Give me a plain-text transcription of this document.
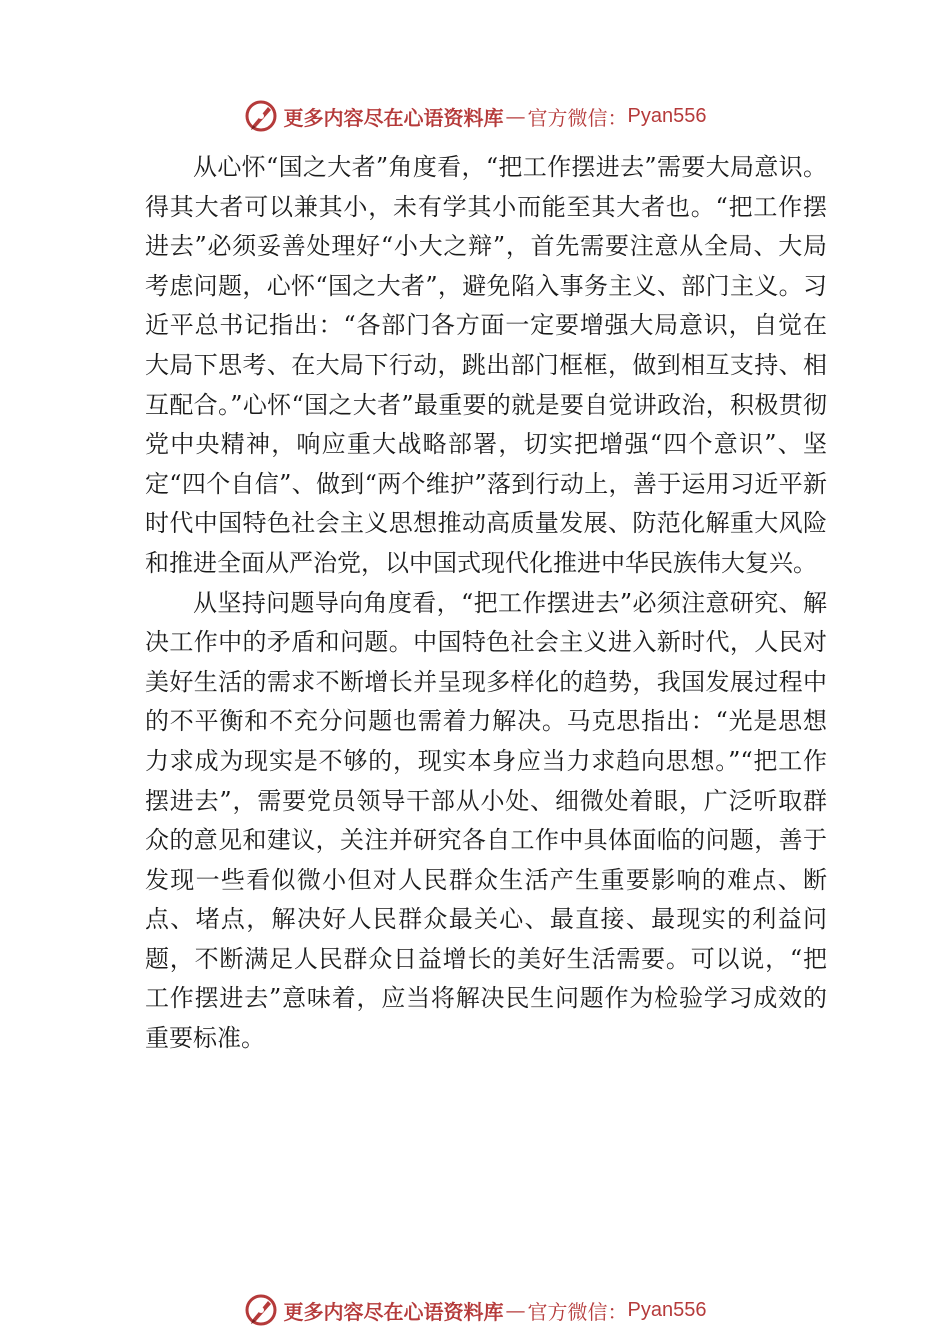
更多内容尽在心语资料库 — 官方微信： Pyan556

从心怀“国之大者”角度看，“把工作摆进去”需要大局意识。得其大者可以兼其小，未有学其小而能至其大者也。“把工作摆进去”必须妥善处理好“小大之辩”，首先需要注意从全局、大局考虑问题，心怀“国之大者”，避免陷入事务主义、部门主义。习近平总书记指出：“各部门各方面一定要增强大局意识，自觉在大局下思考、在大局下行动，跳出部门框框，做到相互支持、相互配合。”心怀“国之大者”最重要的就是要自觉讲政治，积极贯彻党中央精神，响应重大战略部署，切实把增强“四个意识”、坚定“四个自信”、做到“两个维护”落到行动上，善于运用习近平新时代中国特色社会主义思想推动高质量发展、防范化解重大风险和推进全面从严治党，以中国式现代化推进中华民族伟大复兴。

从坚持问题导向角度看，“把工作摆进去”必须注意研究、解决工作中的矛盾和问题。中国特色社会主义进入新时代，人民对美好生活的需求不断增长并呈现多样化的趋势，我国发展过程中的不平衡和不充分问题也需着力解决。马克思指出：“光是思想力求成为现实是不够的，现实本身应当力求趋向思想。”“把工作摆进去”，需要党员领导干部从小处、细微处着眼，广泛听取群众的意见和建议，关注并研究各自工作中具体面临的问题，善于发现一些看似微小但对人民群众生活产生重要影响的难点、断点、堵点，解决好人民群众最关心、最直接、最现实的利益问题，不断满足人民群众日益增长的美好生活需要。可以说，“把工作摆进去”意味着，应当将解决民生问题作为检验学习成效的重要标准。

更多内容尽在心语资料库 — 官方微信： Pyan556
